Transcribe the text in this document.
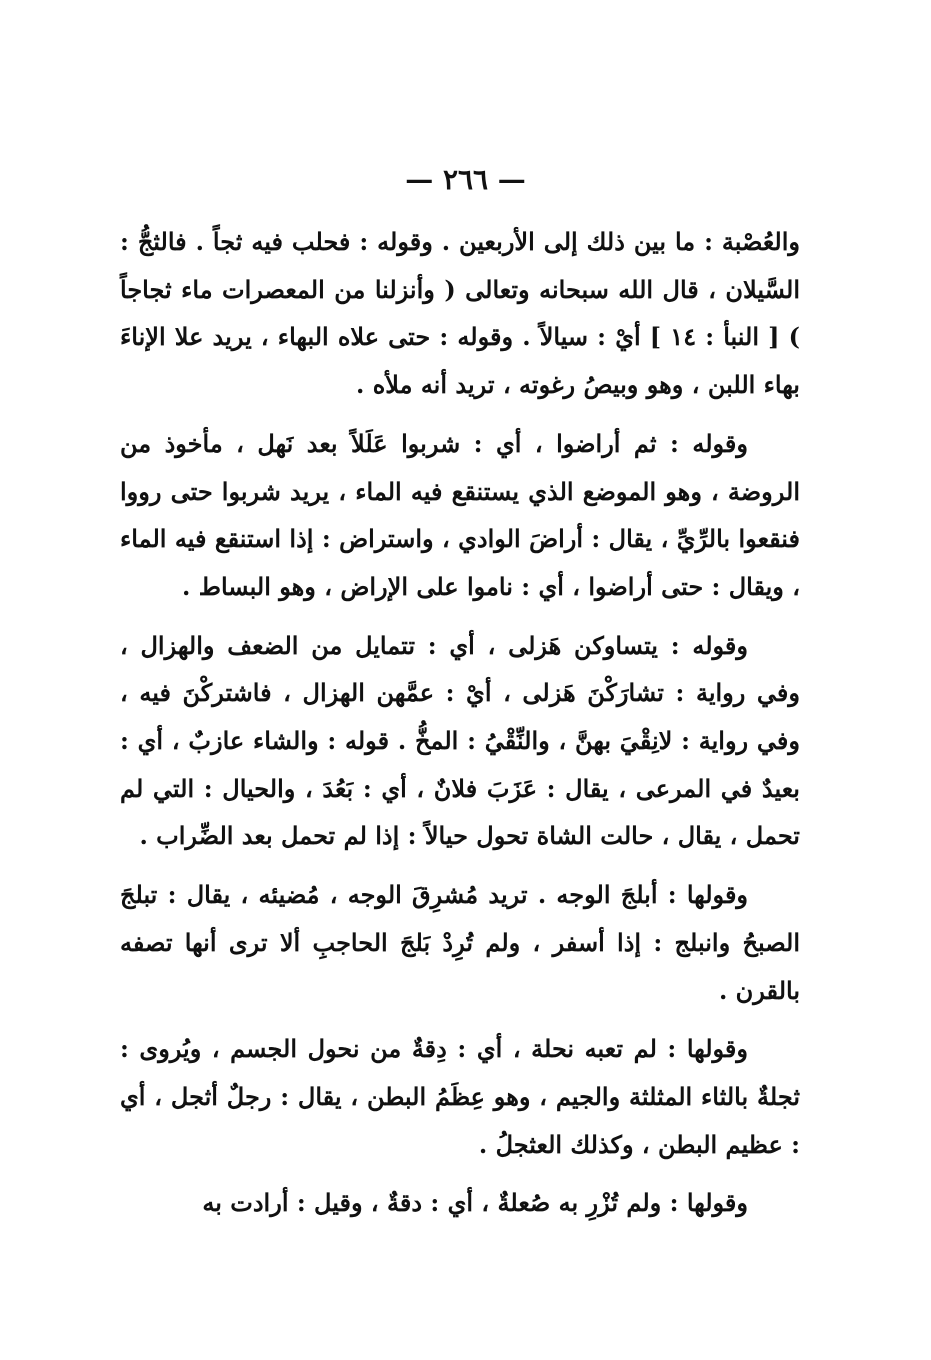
— ٢٦٦ —

والعُصْبة : ما بين ذلك إلى الأربعين . وقوله : فحلب فيه ثجاً . فالثجُّ : السَّيلان ، قال الله سبحانه وتعالى ( وأنزلنا من المعصرات ماء ثجاجاً ) [ النبأ : ١٤ ] أيْ : سيالاً . وقوله : حتى علاه البهاء ، يريد علا الإناءَ بهاء اللبن ، وهو وبيصُ رغوته ، تريد أنه ملأه .

وقوله : ثم أراضوا ، أي : شربوا عَلَلاً بعد نَهل ، مأخوذ من الروضة ، وهو الموضع الذي يستنقع فيه الماء ، يريد شربوا حتى رووا فنقعوا بالرِّيِّ ، يقال : أراضَ الوادي ، واستراض : إذا استنقع فيه الماء ، ويقال : حتى أراضوا ، أي : ناموا على الإراض ، وهو البساط .

وقوله : يتساوكن هَزلى ، أي : تتمايل من الضعف والهزال ، وفي رواية : تشارَكْنَ هَزلى ، أيْ : عمَّهن الهزال ، فاشتركْنَ فيه ، وفي رواية : لانِقْيَ بهنَّ ، والنِّقْيُ : المخُّ . قوله : والشاء عازبٌ ، أي : بعيدٌ في المرعى ، يقال : عَزَبَ فلانٌ ، أي : بَعُدَ ، والحيال : التي لم تحمل ، يقال ، حالت الشاة تحول حيالاً : إذا لم تحمل بعد الضِّراب .

وقولها : أبلجَ الوجه . تريد مُشرِقَ الوجه ، مُضيئه ، يقال : تبلجَ الصبحُ وانبلج : إذا أسفر ، ولم تُرِدْ بَلجَ الحاجبِ ألا ترى أنها تصفه بالقرن .

وقولها : لم تعبه نحلة ، أي : دِقةٌ من نحول الجسم ، ويُروى : ثجلةٌ بالثاء المثلثة والجيم ، وهو عِظَمُ البطن ، يقال : رجلٌ أثجل ، أي : عظيم البطن ، وكذلك العثجلُ .

وقولها : ولم تُزْرِ به صُعلةٌ ، أي : دقةٌ ، وقيل : أرادت به
